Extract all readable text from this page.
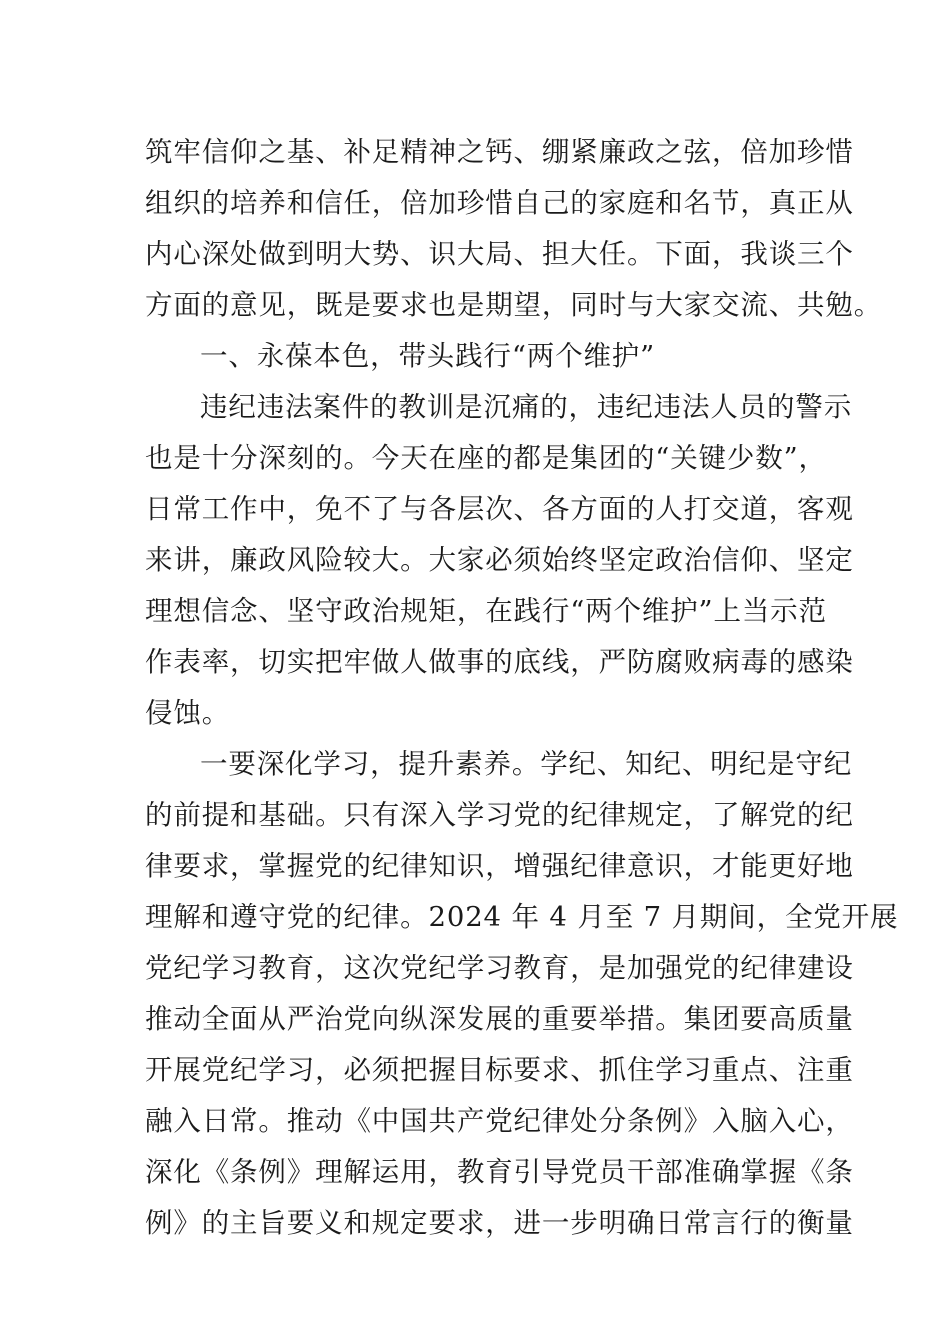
筑牢信仰之基、补足精神之钙、绷紧廉政之弦，倍加珍惜

组织的培养和信任，倍加珍惜自己的家庭和名节，真正从

内心深处做到明大势、识大局、担大任。下面，我谈三个

方面的意见，既是要求也是期望，同时与大家交流、共勉。

一、永葆本色，带头践行“两个维护”

违纪违法案件的教训是沉痛的，违纪违法人员的警示

也是十分深刻的。今天在座的都是集团的“关键少数”，

日常工作中，免不了与各层次、各方面的人打交道，客观

来讲，廉政风险较大。大家必须始终坚定政治信仰、坚定

理想信念、坚守政治规矩，在践行“两个维护”上当示范

作表率，切实把牢做人做事的底线，严防腐败病毒的感染

侵蚀。

一要深化学习，提升素养。学纪、知纪、明纪是守纪

的前提和基础。只有深入学习党的纪律规定，了解党的纪

律要求，掌握党的纪律知识，增强纪律意识，才能更好地

理解和遵守党的纪律。2024 年 4 月至 7 月期间，全党开展

党纪学习教育，这次党纪学习教育，是加强党的纪律建设

推动全面从严治党向纵深发展的重要举措。集团要高质量

开展党纪学习，必须把握目标要求、抓住学习重点、注重

融入日常。推动《中国共产党纪律处分条例》入脑入心，

深化《条例》理解运用，教育引导党员干部准确掌握《条

例》的主旨要义和规定要求，进一步明确日常言行的衡量
